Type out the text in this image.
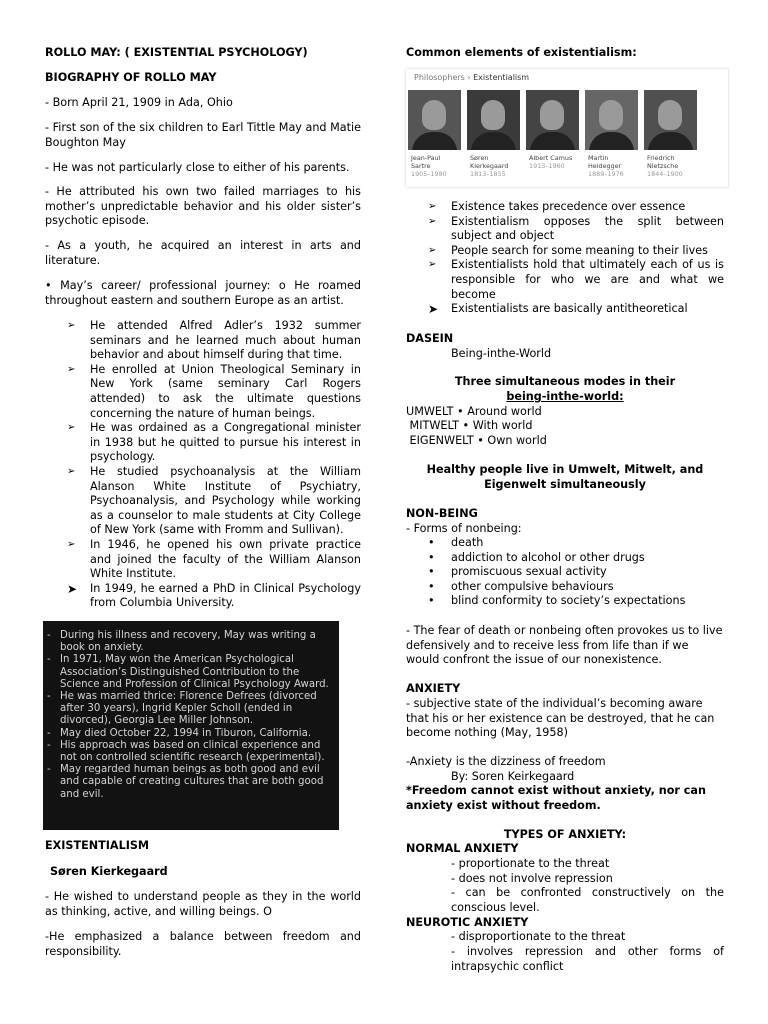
ROLLO MAY: ( EXISTENTIAL PSYCHOLOGY)

BIOGRAPHY OF ROLLO MAY

- Born April 21, 1909 in Ada, Ohio

- First son of the six children to Earl Tittle May and Matie Boughton May

- He was not particularly close to either of his parents.

- He attributed his own two failed marriages to his mother’s unpredictable behavior and his older sister’s psychotic episode.

- As a youth, he acquired an interest in arts and literature.

• May’s career/ professional journey: o He roamed throughout eastern and southern Europe as an artist.

➢ He attended Alfred Adler’s 1932 summer seminars and he learned much about human behavior and about himself during that time.
➢ He enrolled at Union Theological Seminary in New York (same seminary Carl Rogers attended) to ask the ultimate questions concerning the nature of human beings.
➢ He was ordained as a Congregational minister in 1938 but he quitted to pursue his interest in psychology.
➢ He studied psychoanalysis at the William Alanson White Institute of Psychiatry, Psychoanalysis, and Psychology while working as a counselor to male students at City College of New York (same with Fromm and Sullivan).
➢ In 1946, he opened his own private practice and joined the faculty of the William Alanson White Institute.
➤ In 1949, he earned a PhD in Clinical Psychology from Columbia University.

EXISTENTIALISM

Søren Kierkegaard

- He wished to understand people as they in the world as thinking, active, and willing beings. O

-He emphasized a balance between freedom and responsibility.

- During his illness and recovery, May was writing a book on anxiety.
- In 1971, May won the American Psychological Association’s Distinguished Contribution to the Science and Profession of Clinical Psychology Award.
- He was married thrice: Florence Defrees (divorced after 30 years), Ingrid Kepler Scholl (ended in divorced), Georgia Lee Miller Johnson.
- May died October 22, 1994 in Tiburon, California.
- His approach was based on clinical experience and not on controlled scientific research (experimental).
- May regarded human beings as both good and evil and capable of creating cultures that are both good and evil.
Philosophers › Existentialism
Jean-Paul
Sartre
1905–1980
Søren
Kierkegaard
1813–1855
Albert Camus
1913–1960
Martin
Heidegger
1889–1976
Friedrich
Nietzsche
1844–1900

Common elements of existentialism:

➢ Existence takes precedence over essence
➢ Existentialism opposes the split between subject and object
➢ People search for some meaning to their lives
➢ Existentialists hold that ultimately each of us is responsible for who we are and what we become
➤ Existentialists are basically antitheoretical

DASEIN

Being-inthe-World

Three simultaneous modes in their

being-inthe-world:

UMWELT • Around world

MITWELT • With world

EIGENWELT • Own world

Healthy people live in Umwelt, Mitwelt, and Eigenwelt simultaneously

NON-BEING

- Forms of nonbeing:

• death
• addiction to alcohol or other drugs
• promiscuous sexual activity
• other compulsive behaviours
• blind conformity to society’s expectations

- The fear of death or nonbeing often provokes us to live defensively and to receive less from life than if we would confront the issue of our nonexistence.

ANXIETY

- subjective state of the individual’s becoming aware that his or her existence can be destroyed, that he can become nothing (May, 1958)

-Anxiety is the dizziness of freedom

By: Soren Keirkegaard

*Freedom cannot exist without anxiety, nor can anxiety exist without freedom.

TYPES OF ANXIETY:

NORMAL ANXIETY

- proportionate to the threat

- does not involve repression

- can be confronted constructively on the conscious level.

NEUROTIC ANXIETY

- disproportionate to the threat

- involves repression and other forms of intrapsychic conflict
